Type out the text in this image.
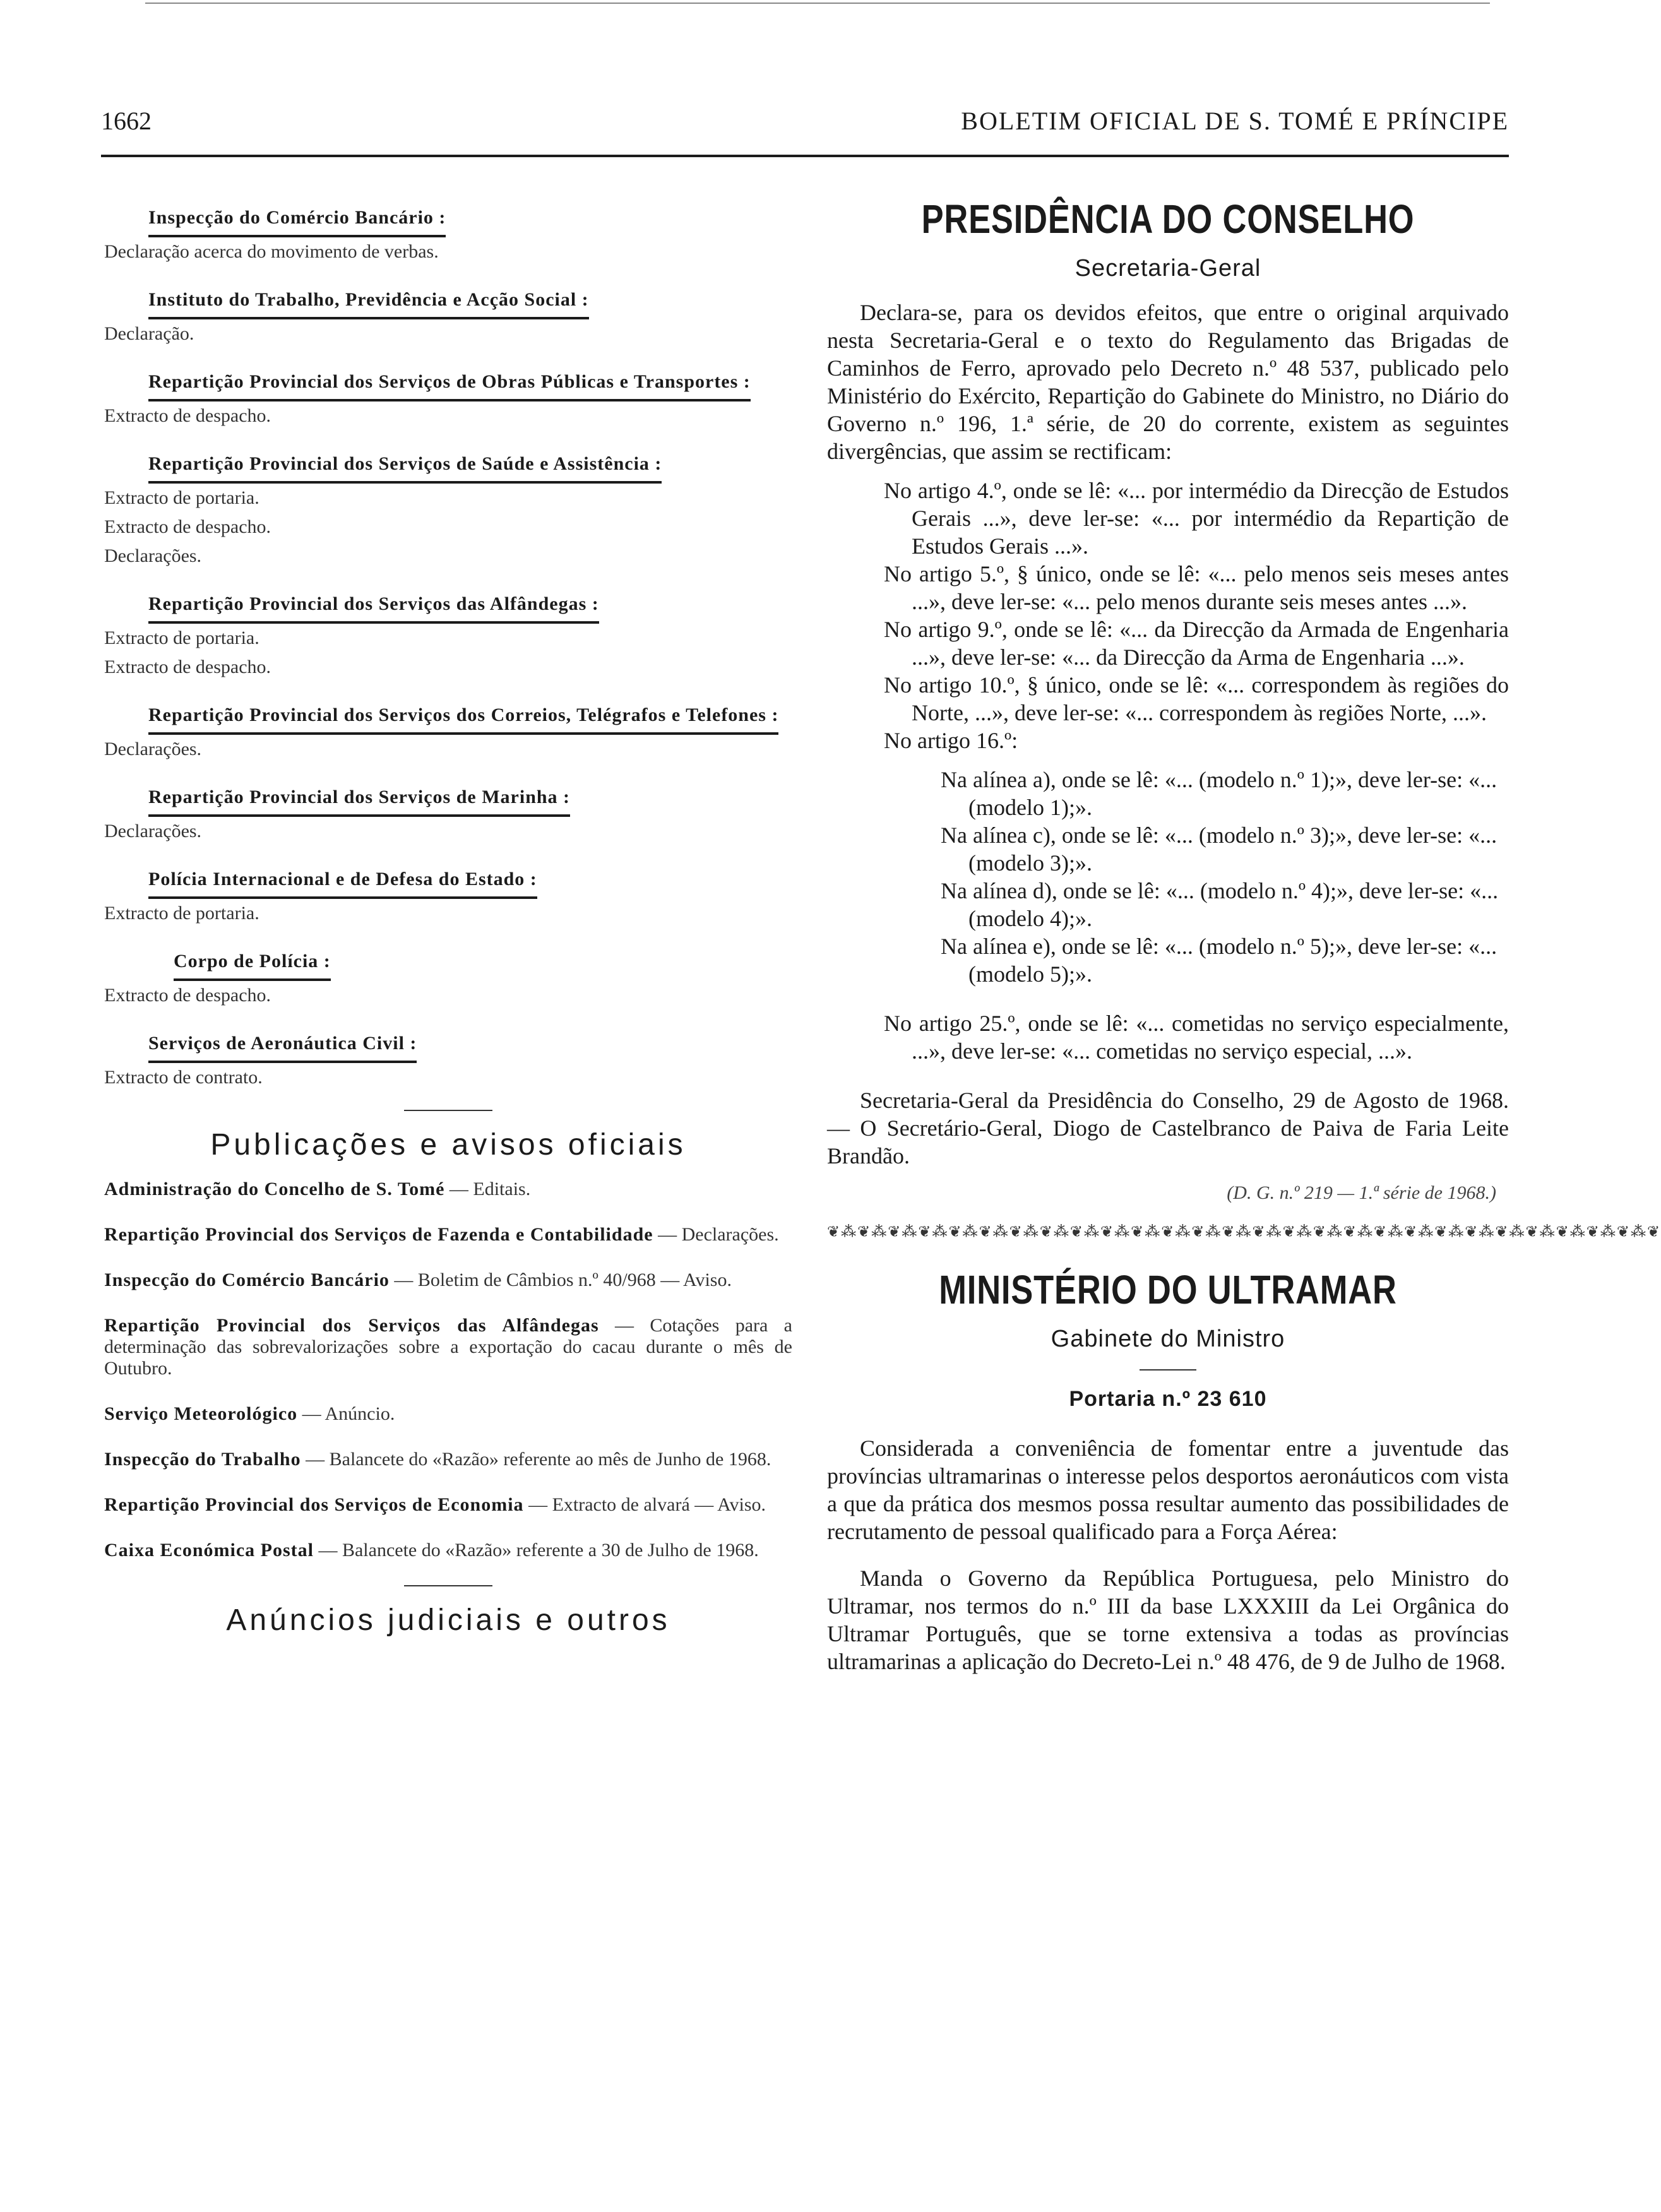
1662	BOLETIM OFICIAL DE S. TOMÉ E PRÍNCIPE
Inspecção do Comércio Bancário :
Declaração acerca do movimento de verbas.
Instituto do Trabalho, Previdência e Acção Social :
Declaração.
Repartição Provincial dos Serviços de Obras Públicas e Transportes :
Extracto de despacho.
Repartição Provincial dos Serviços de Saúde e Assistência :
Extracto de portaria.
Extracto de despacho.
Declarações.
Repartição Provincial dos Serviços das Alfândegas :
Extracto de portaria.
Extracto de despacho.
Repartição Provincial dos Serviços dos Correios, Telégrafos e Telefones :
Declarações.
Repartição Provincial dos Serviços de Marinha :
Declarações.
Polícia Internacional e de Defesa do Estado :
Extracto de portaria.
Corpo de Polícia :
Extracto de despacho.
Serviços de Aeronáutica Civil :
Extracto de contrato.
Publicações e avisos oficiais
Administração do Concelho de S. Tomé — Editais.
Repartição Provincial dos Serviços de Fazenda e Contabilidade — Declarações.
Inspecção do Comércio Bancário — Boletim de Câmbios n.º 40/968 — Aviso.
Repartição Provincial dos Serviços das Alfândegas — Cotações para a determinação das sobrevalorizações sobre a exportação do cacau durante o mês de Outubro.
Serviço Meteorológico — Anúncio.
Inspecção do Trabalho — Balancete do «Razão» referente ao mês de Junho de 1968.
Repartição Provincial dos Serviços de Economia — Extracto de alvará — Aviso.
Caixa Económica Postal — Balancete do «Razão» referente a 30 de Julho de 1968.
Anúncios judiciais e outros
PRESIDÊNCIA DO CONSELHO
Secretaria-Geral

Declara-se, para os devidos efeitos, que entre o original arquivado nesta Secretaria-Geral e o texto do Regulamento das Brigadas de Caminhos de Ferro, aprovado pelo Decreto n.º 48 537, publicado pelo Ministério do Exército, Repartição do Gabinete do Ministro, no Diário do Governo n.º 196, 1.ª série, de 20 do corrente, existem as seguintes divergências, que assim se rectificam:

No artigo 4.º, onde se lê: «... por intermédio da Direcção de Estudos Gerais ...», deve ler-se: «... por intermédio da Repartição de Estudos Gerais ...».

No artigo 5.º, § único, onde se lê: «... pelo menos seis meses antes ...», deve ler-se: «... pelo menos durante seis meses antes ...».

No artigo 9.º, onde se lê: «... da Direcção da Armada de Engenharia ...», deve ler-se: «... da Direcção da Arma de Engenharia ...».

No artigo 10.º, § único, onde se lê: «... correspondem às regiões do Norte, ...», deve ler-se: «... correspondem às regiões Norte, ...».

No artigo 16.º:

Na alínea a), onde se lê: «... (modelo n.º 1);», deve ler-se: «... (modelo 1);».

Na alínea c), onde se lê: «... (modelo n.º 3);», deve ler-se: «... (modelo 3);».

Na alínea d), onde se lê: «... (modelo n.º 4);», deve ler-se: «... (modelo 4);».

Na alínea e), onde se lê: «... (modelo n.º 5);», deve ler-se: «... (modelo 5);».

No artigo 25.º, onde se lê: «... cometidas no serviço especialmente, ...», deve ler-se: «... cometidas no serviço especial, ...».

Secretaria-Geral da Presidência do Conselho, 29 de Agosto de 1968. — O Secretário-Geral, Diogo de Castelbranco de Paiva de Faria Leite Brandão.

(D. G. n.º 219 — 1.ª série de 1968.)
❦⁂❦⁂❦⁂❦⁂❦⁂❦⁂❦⁂❦⁂❦⁂❦⁂❦⁂❦⁂❦⁂❦⁂❦⁂❦⁂❦⁂❦⁂❦⁂❦⁂❦⁂❦⁂❦⁂❦⁂❦⁂❦⁂❦⁂❦
MINISTÉRIO DO ULTRAMAR
Gabinete do Ministro
Portaria n.º 23 610

Considerada a conveniência de fomentar entre a juventude das províncias ultramarinas o interesse pelos desportos aeronáuticos com vista a que da prática dos mesmos possa resultar aumento das possibilidades de recrutamento de pessoal qualificado para a Força Aérea:

Manda o Governo da República Portuguesa, pelo Ministro do Ultramar, nos termos do n.º III da base LXXXIII da Lei Orgânica do Ultramar Português, que se torne extensiva a todas as províncias ultramarinas a aplicação do Decreto-Lei n.º 48 476, de 9 de Julho de 1968.
